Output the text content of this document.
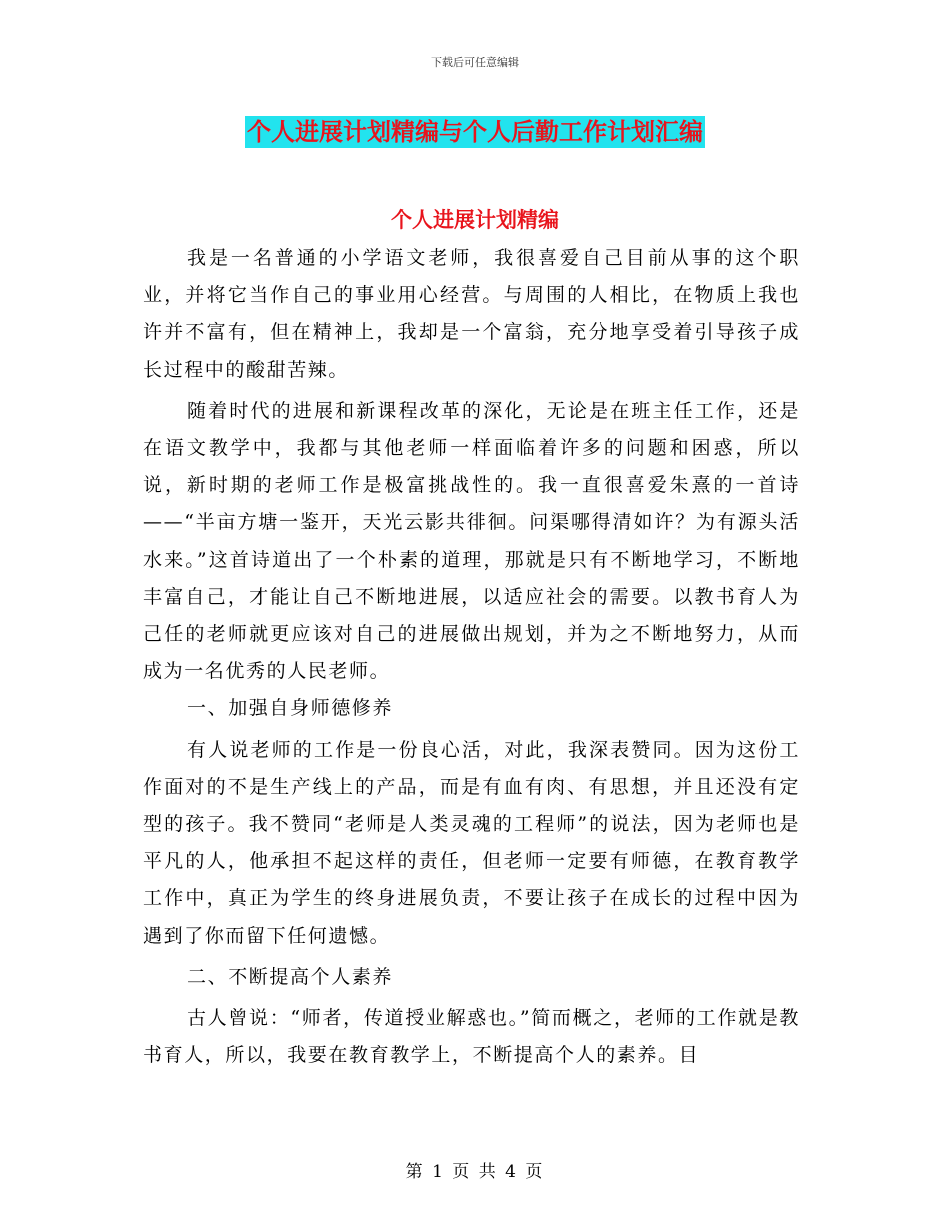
下载后可任意编辑
个人进展计划精编与个人后勤工作计划汇编
个人进展计划精编

我是一名普通的小学语文老师，我很喜爱自己目前从事的这个职业，并将它当作自己的事业用心经营。与周围的人相比，在物质上我也许并不富有，但在精神上，我却是一个富翁，充分地享受着引导孩子成长过程中的酸甜苦辣。

随着时代的进展和新课程改革的深化，无论是在班主任工作，还是在语文教学中，我都与其他老师一样面临着许多的问题和困惑，所以说，新时期的老师工作是极富挑战性的。我一直很喜爱朱熹的一首诗——“半亩方塘一鉴开，天光云影共徘徊。问渠哪得清如许？为有源头活水来。”这首诗道出了一个朴素的道理，那就是只有不断地学习，不断地丰富自己，才能让自己不断地进展，以适应社会的需要。以教书育人为己任的老师就更应该对自己的进展做出规划，并为之不断地努力，从而成为一名优秀的人民老师。

一、加强自身师德修养

有人说老师的工作是一份良心活，对此，我深表赞同。因为这份工作面对的不是生产线上的产品，而是有血有肉、有思想，并且还没有定型的孩子。我不赞同“老师是人类灵魂的工程师”的说法，因为老师也是平凡的人，他承担不起这样的责任，但老师一定要有师德，在教育教学工作中，真正为学生的终身进展负责，不要让孩子在成长的过程中因为遇到了你而留下任何遗憾。

二、不断提高个人素养

古人曾说：“师者，传道授业解惑也。”简而概之，老师的工作就是教书育人，所以，我要在教育教学上，不断提高个人的素养。目

第 1 页 共 4 页
